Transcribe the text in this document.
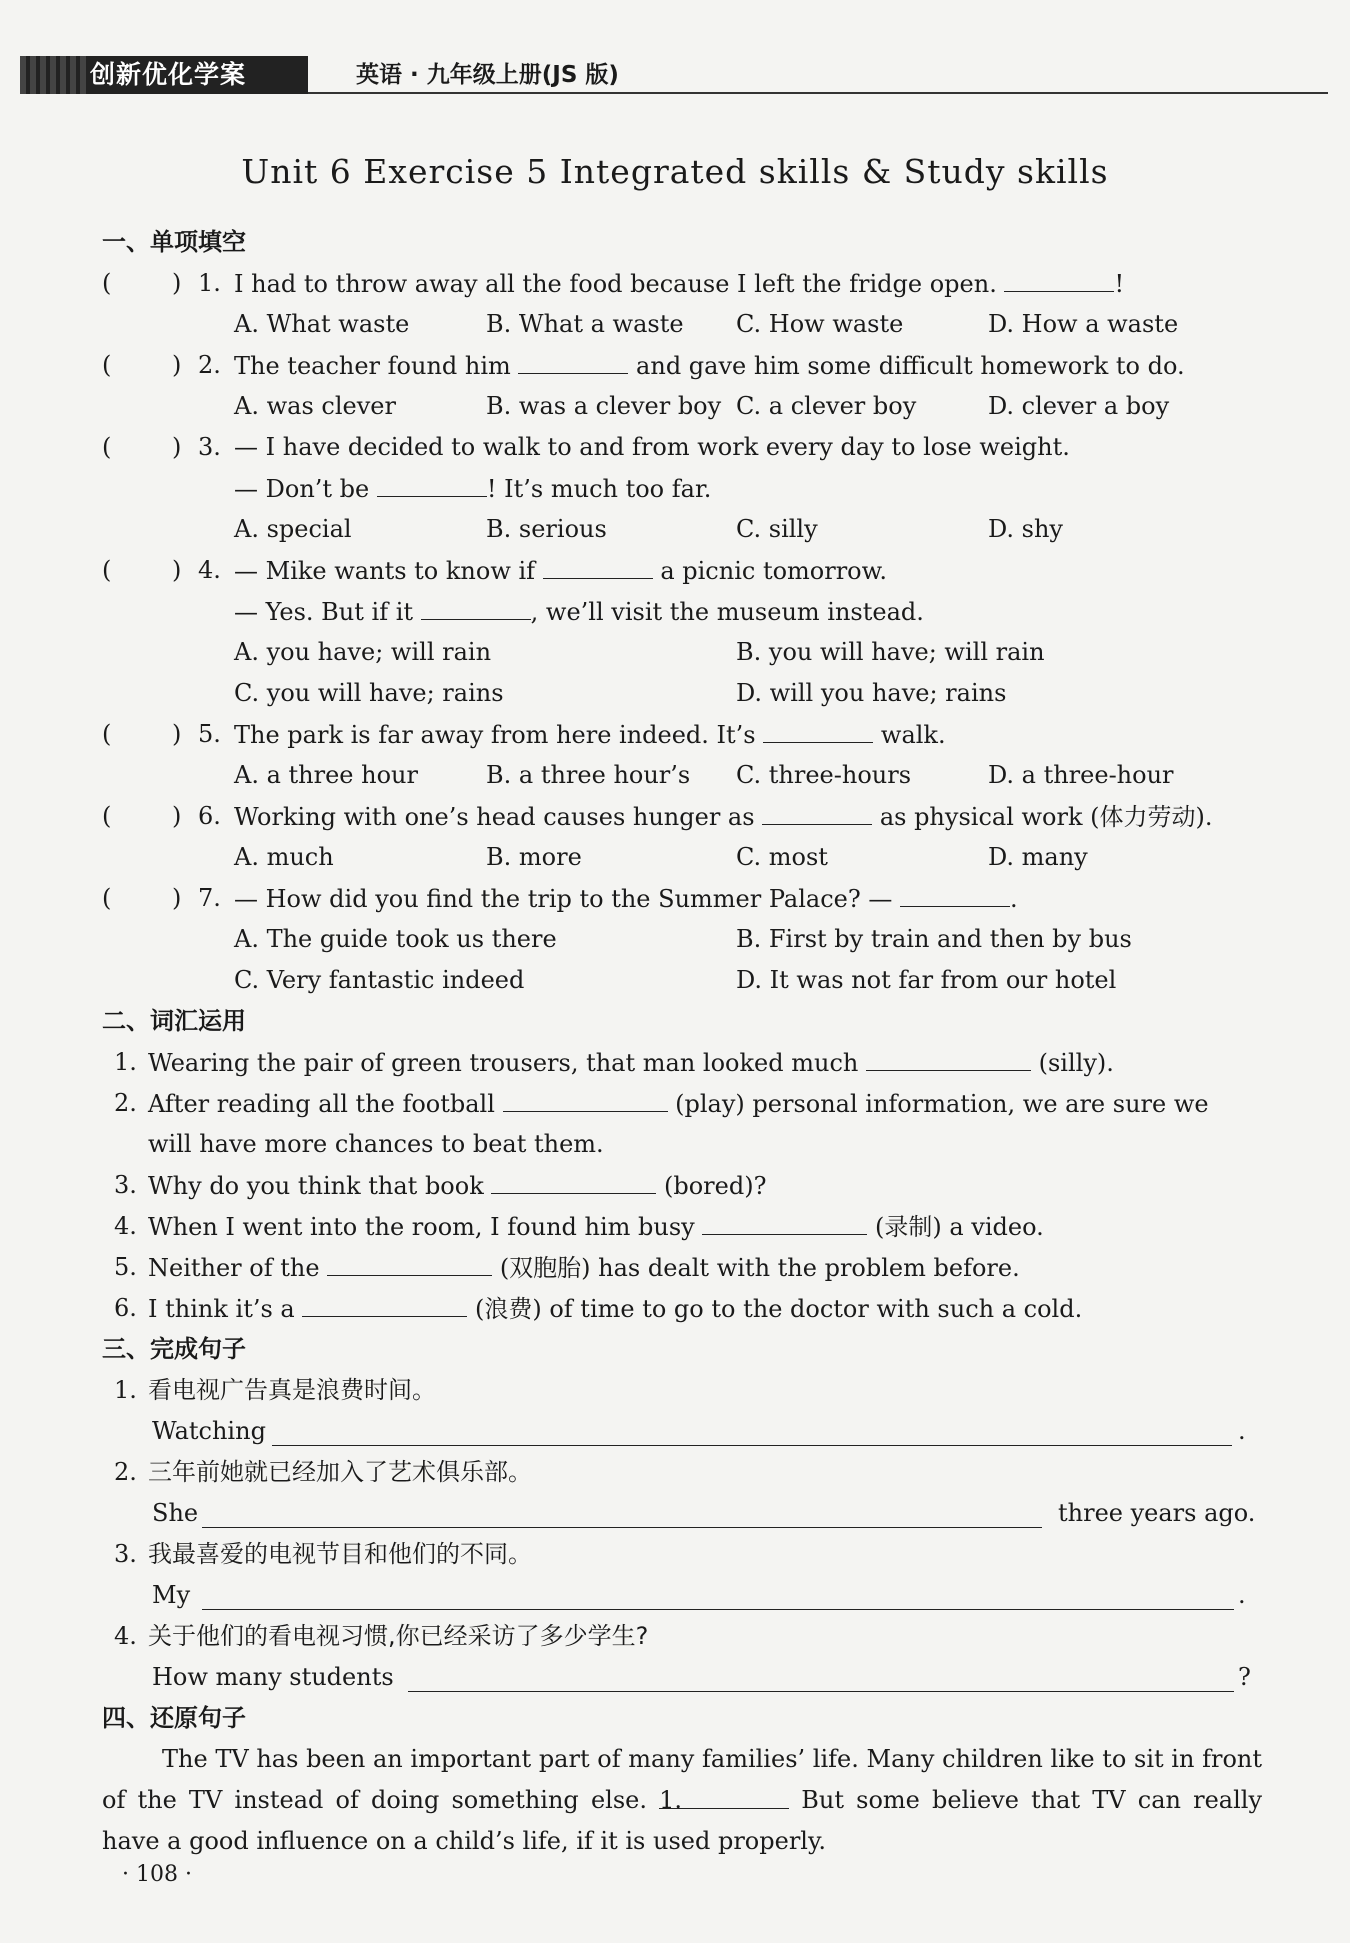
创新优化学案	英语 · 九年级上册(JS 版)
Unit 6 Exercise 5 Integrated skills & Study skills
一、单项填空
(	) 1. I had to throw away all the food because I left the fridge open.	!
A. What waste	B. What a waste C. How waste	D. How a waste
(	) 2. The teacher found him	and gave him some difficult homework to do.
A. was clever	B. was a clever boy C. a clever boy	D. clever a boy
(	) 3. — I have decided to walk to and from work every day to lose weight.
— Don’t be	! It’s much too far.
A. special	B. serious	C. silly	D. shy
(	) 4. — Mike wants to know if	a picnic tomorrow.
— Yes. But if it	, we’ll visit the museum instead.
A. you have; will rain	B. you will have; will rain
C. you will have; rains	D. will you have; rains
(	) 5. The park is far away from here indeed. It’s	walk.
A. a three hour	B. a three hour’s C. three-hours	D. a three-hour
(	) 6. Working with one’s head causes hunger as	as physical work (体力劳动).
A. much	B. more	C. most	D. many
(	) 7. — How did you find the trip to the Summer Palace? —	.
A. The guide took us there	B. First by train and then by bus
C. Very fantastic indeed	D. It was not far from our hotel
二、词汇运用
1. Wearing the pair of green trousers, that man looked much	(silly).
2. After reading all the football	(play) personal information, we are sure we
will have more chances to beat them.
3. Why do you think that book	(bored)?
4. When I went into the room, I found him busy	(录制) a video.
5. Neither of the	(双胞胎) has dealt with the problem before.
6. I think it’s a	(浪费) of time to go to the doctor with such a cold.
三、完成句子
1. 看电视广告真是浪费时间。
Watching	.
2. 三年前她就已经加入了艺术俱乐部。
She	three years ago.
3. 我最喜爱的电视节目和他们的不同。
My	.
4. 关于他们的看电视习惯,你已经采访了多少学生?
How many students	?
四、还原句子
The TV has been an important part of many families’ life. Many children like to sit in front
of the TV instead of doing something else. 1.	But some believe that TV can really
have a good influence on a child’s life, if it is used properly.
· 108 ·
